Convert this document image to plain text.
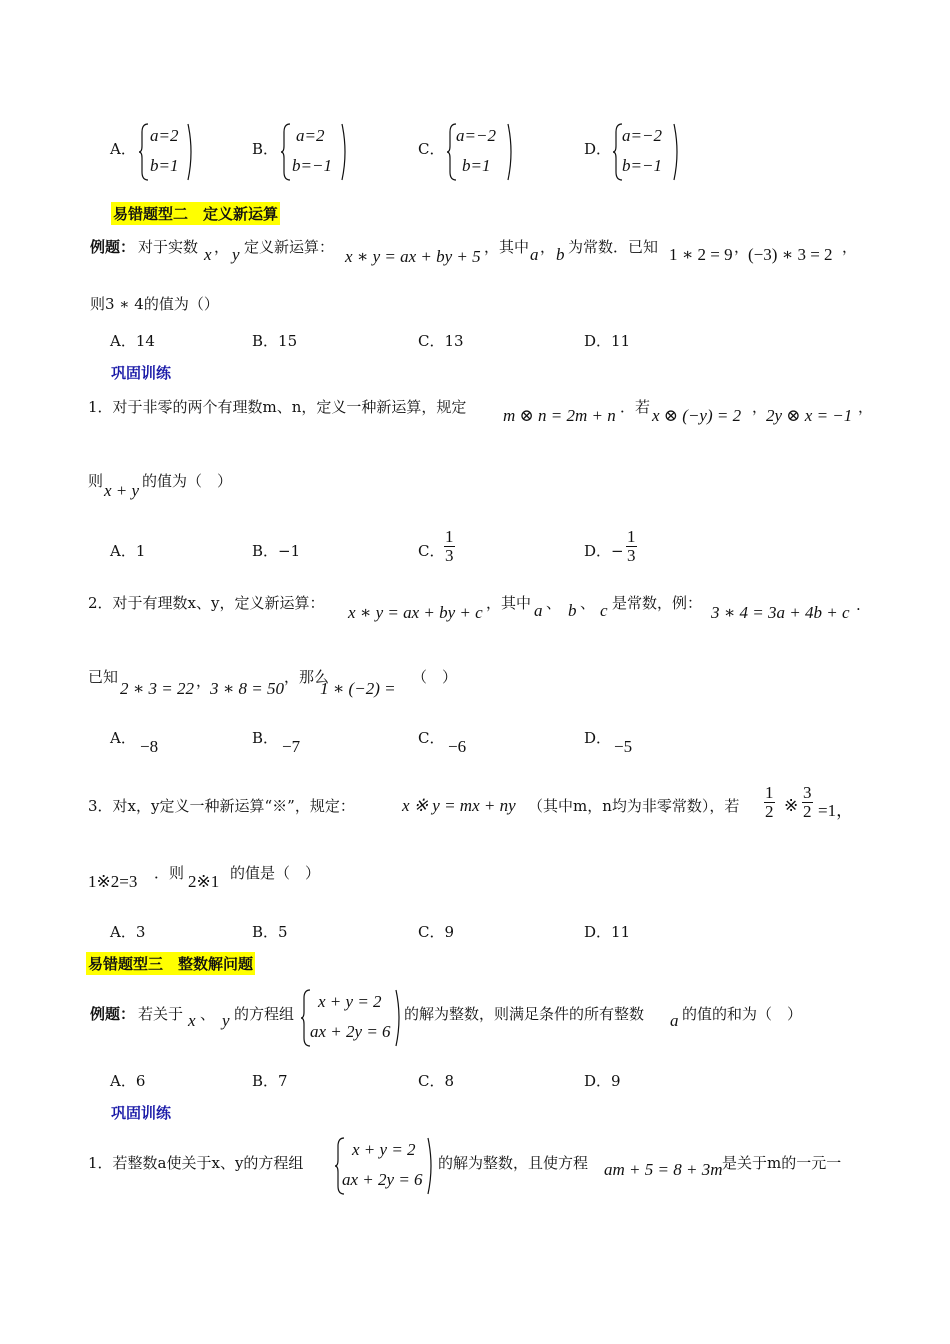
A．
a=2
b=1
B．
a=2
b=−1
C．
a=−2
b=1
D．
a=−2
b=−1
易错题型二　定义新运算
例题： 对于实数 x ， y 定义新运算： x ∗ y = ax + by + 5 ，其中 a ， b 为常数．已知 1 ∗ 2 = 9 ，
(−3) ∗ 3 = 2 ，
则3 ∗ 4的值为（）
A．14	B．15	C．13	D．11
巩固训练
1．对于非零的两个有理数m、n，定义一种新运算，规定 m ⊗ n = 2m + n ．若 x ⊗ (−y) = 2 ，
2y ⊗ x = −1 ，
则 x + y 的值为（　）
A．1	B．−1	C． $\frac{1}{3}$	D．− $\frac{1}{3}$
2．对于有理数x、y，定义新运算： x ∗ y = ax + by + c ，其中 a 、 b 、 c 是常数，例： 3 ∗ 4 = 3a + 4b + c .
已知
2 ∗ 3 = 22 ，
3 ∗ 8 = 50
，那么
1 ∗ (−2) =
（　）
A． −8	B． −7	C． −6	D． −5
3．对x，y定义一种新运算“※”，规定：	x ※ y = mx + ny （其中m，n均为非零常数），若 $\frac{1}{2}$ ※ $\frac{3}{2} =1$，
1※2=3 ．则 2※1 的值是（　）
A．3	B．5	C．9	D．11
易错题型三　整数解问题
例题： 若关于 x 、 y 的方程组
x + y = 2
ax + 2y = 6
的解为整数，则满足条件的所有整数 a 的值的和为（　）
A．6	B．7	C．8	D．9
巩固训练
1．若整数a使关于x、y的方程组
x + y = 2
ax + 2y = 6
的解为整数，且使方程 am + 5 = 8 + 3m 是关于m的一元一
